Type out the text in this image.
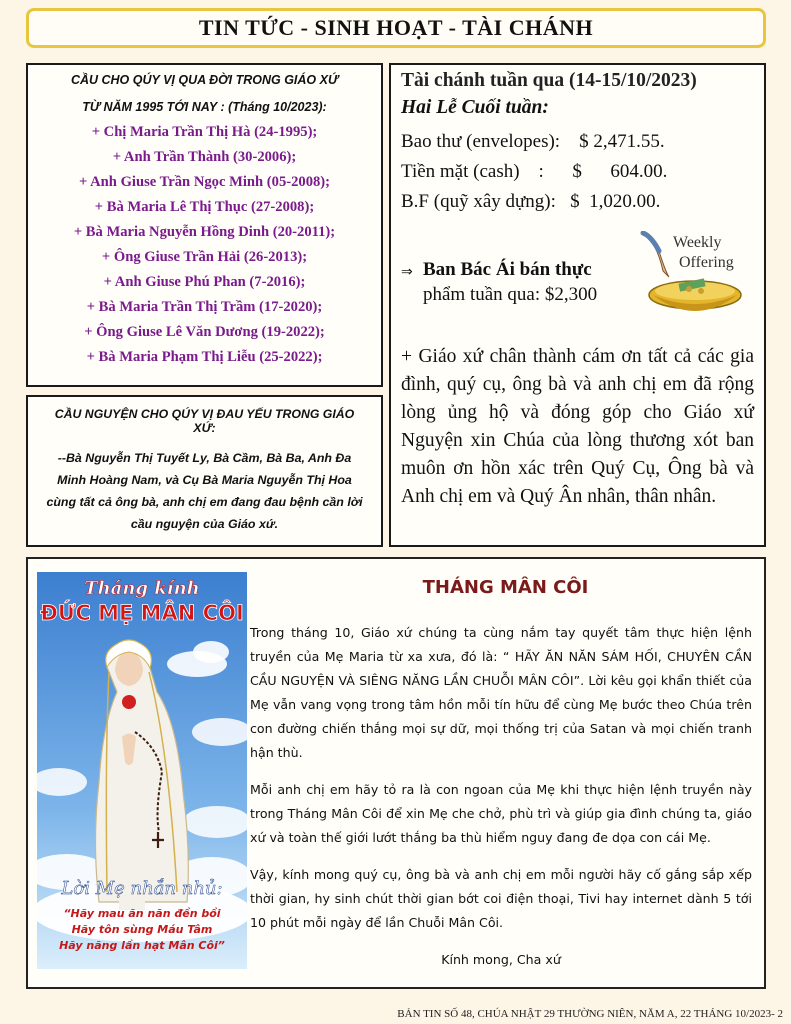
TIN TỨC - SINH HOẠT - TÀI CHÁNH
CẦU CHO QÚY VỊ QUA ĐỜI TRONG GIÁO XỨ
TỪ NĂM 1995 TỚI NAY : (Tháng 10/2023):
+ Chị Maria Trần Thị Hà (24-1995);
+ Anh Trần Thành (30-2006);
+ Anh Giuse Trần Ngọc Minh (05-2008);
+ Bà Maria Lê Thị Thục (27-2008);
+ Bà Maria Nguyễn Hồng Dinh (20-2011);
+ Ông Giuse Trần Hải (26-2013);
+ Anh Giuse Phú Phan (7-2016);
+ Bà Maria Trần Thị Trầm (17-2020);
+ Ông Giuse Lê Văn Dương (19-2022);
+ Bà Maria Phạm Thị Liễu (25-2022);
CẦU NGUYỆN CHO QÚY VỊ ĐAU YẾU TRONG GIÁO XỨ:
--Bà Nguyễn Thị Tuyết Ly, Bà Cầm, Bà Ba, Anh Đa Minh Hoàng Nam, và Cụ Bà Maria Nguyễn Thị Hoa cùng tất cả ông bà, anh chị em đang đau bệnh cần lời cầu nguyện của Giáo xứ.
Tài chánh tuần qua (14-15/10/2023)
Hai Lễ Cuối tuần:
Bao thư (envelopes): $ 2,471.55.
Tiền mặt (cash)    : $      604.00.
B.F (quỹ xây dựng): $  1,020.00.
⇒ Ban Bác Ái bán thực
phẩm tuần qua: $2,300
Weekly
Offering
+ Giáo xứ chân thành cám ơn tất cả các gia đình, quý cụ, ông bà và anh chị em đã rộng lòng ủng hộ và đóng góp cho Giáo xứ Nguyện xin Chúa của lòng thương xót ban muôn ơn hồn xác trên Quý Cụ, Ông bà và Anh chị em và Quý Ân nhân, thân nhân.
Tháng kính
ĐỨC MẸ MÂN CÔI
Lời Mẹ nhắn nhủ:
“Hãy mau ăn năn đền bồi
Hãy tôn sùng Máu Tâm
Hãy năng lần hạt Mân Côi”
THÁNG MÂN CÔI

Trong tháng 10, Giáo xứ chúng ta cùng nắm tay quyết tâm thực hiện lệnh truyền của Mẹ Maria từ xa xưa, đó là: “ HÃY ĂN NĂN SÁM HỐI, CHUYÊN CẦN CẦU NGUYỆN VÀ SIÊNG NĂNG LẦN CHUỖI MÂN CÔI”. Lời kêu gọi khẩn thiết của Mẹ vẫn vang vọng trong tâm hồn mỗi tín hữu để cùng Mẹ bước theo Chúa trên con đường chiến thắng mọi sự dữ, mọi thống trị của Satan và mọi chiến tranh hận thù.

Mỗi anh chị em hãy tỏ ra là con ngoan của Mẹ khi thực hiện lệnh truyền này trong Tháng Mân Côi để xin Mẹ che chở, phù trì và giúp gia đình chúng ta, giáo xứ và toàn thế giới lướt thắng ba thù hiểm nguy đang đe dọa con cái Mẹ.

Vậy, kính mong quý cụ, ông bà và anh chị em mỗi người hãy cố gắng sắp xếp thời gian, hy sinh chút thời gian bớt coi điện thoại, Tivi hay internet dành 5 tới 10 phút mỗi ngày để lần Chuỗi Mân Côi.

Kính mong, Cha xứ
BẢN TIN SỐ 48, CHÚA NHẬT 29 THƯỜNG NIÊN, NĂM A, 22 THÁNG 10/2023- 2
